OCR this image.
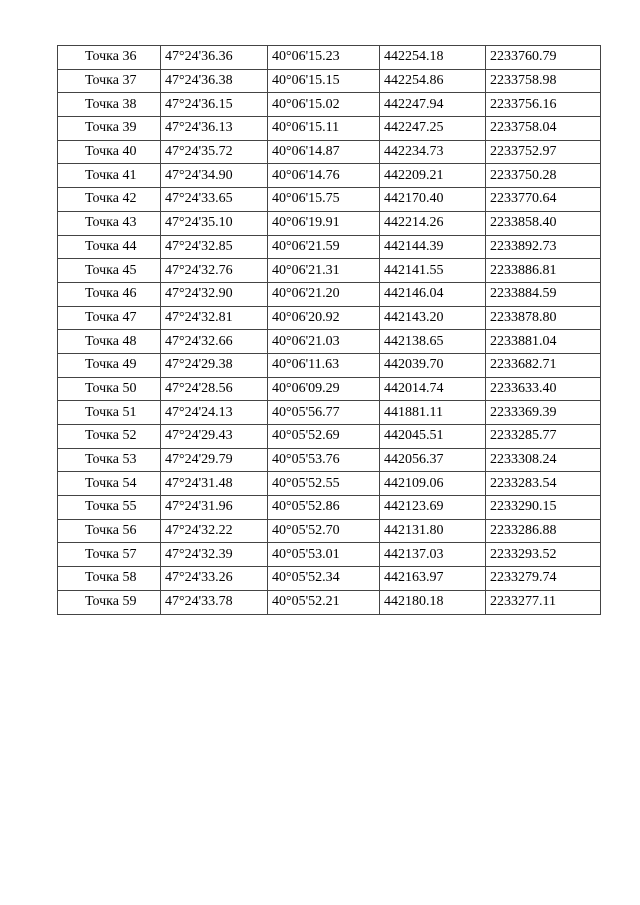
Точка 36	47°24'36.36	40°06'15.23	442254.18	2233760.79
Точка 37	47°24'36.38	40°06'15.15	442254.86	2233758.98
Точка 38	47°24'36.15	40°06'15.02	442247.94	2233756.16
Точка 39	47°24'36.13	40°06'15.11	442247.25	2233758.04
Точка 40	47°24'35.72	40°06'14.87	442234.73	2233752.97
Точка 41	47°24'34.90	40°06'14.76	442209.21	2233750.28
Точка 42	47°24'33.65	40°06'15.75	442170.40	2233770.64
Точка 43	47°24'35.10	40°06'19.91	442214.26	2233858.40
Точка 44	47°24'32.85	40°06'21.59	442144.39	2233892.73
Точка 45	47°24'32.76	40°06'21.31	442141.55	2233886.81
Точка 46	47°24'32.90	40°06'21.20	442146.04	2233884.59
Точка 47	47°24'32.81	40°06'20.92	442143.20	2233878.80
Точка 48	47°24'32.66	40°06'21.03	442138.65	2233881.04
Точка 49	47°24'29.38	40°06'11.63	442039.70	2233682.71
Точка 50	47°24'28.56	40°06'09.29	442014.74	2233633.40
Точка 51	47°24'24.13	40°05'56.77	441881.11	2233369.39
Точка 52	47°24'29.43	40°05'52.69	442045.51	2233285.77
Точка 53	47°24'29.79	40°05'53.76	442056.37	2233308.24
Точка 54	47°24'31.48	40°05'52.55	442109.06	2233283.54
Точка 55	47°24'31.96	40°05'52.86	442123.69	2233290.15
Точка 56	47°24'32.22	40°05'52.70	442131.80	2233286.88
Точка 57	47°24'32.39	40°05'53.01	442137.03	2233293.52
Точка 58	47°24'33.26	40°05'52.34	442163.97	2233279.74
Точка 59	47°24'33.78	40°05'52.21	442180.18	2233277.11
